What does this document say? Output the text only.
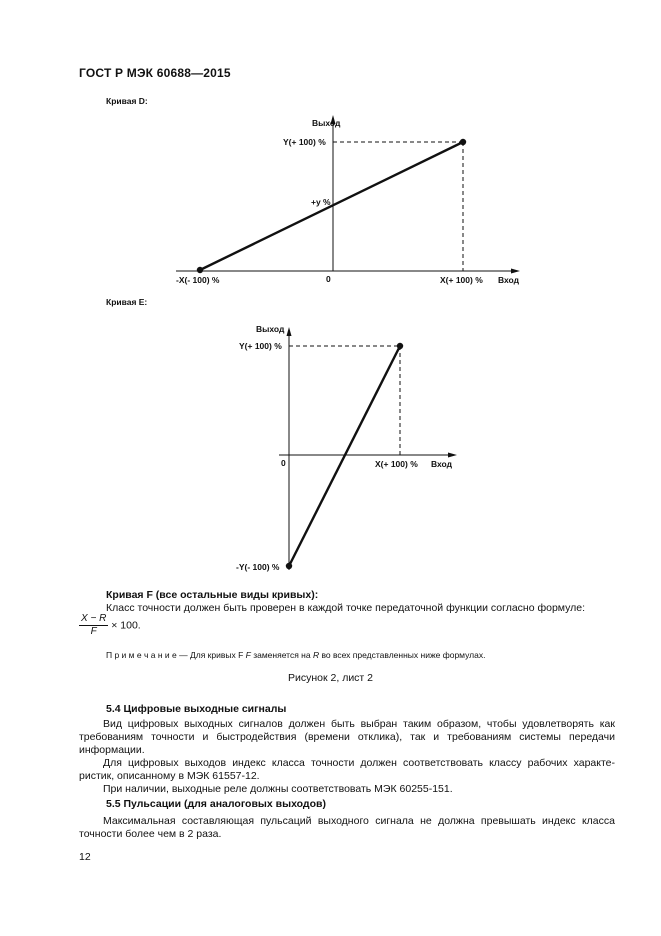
ГОСТ Р МЭК 60688—2015
Кривая D:
Выход
Y(+ 100) %
+y %
0
-X(- 100) %	X(+ 100) % Вход
Кривая E:
Выход
Y(+ 100) %
0	X(+ 100) % Вход
-Y(- 100) %
Кривая F (все остальные виды кривых):
Класс точности должен быть проверен в каждой точке передаточной функции согласно формуле:
$\frac{X - R}{F} \times 100$.
П р и м е ч а н и е — Для кривых F F заменяется на R во всех представленных ниже формулах.
Рисунок 2, лист 2
5.4 Цифровые выходные сигналы
Вид цифровых выходных сигналов должен быть выбран таким образом, чтобы удовлетворять как требованиям точности и быстродействия (времени отклика), так и требованиям системы передачи информации.
Для цифровых выходов индекс класса точности должен соответствовать классу рабочих характе-ристик, описанному в МЭК 61557-12.
При наличии, выходные реле должны соответствовать МЭК 60255-151.
5.5 Пульсации (для аналоговых выходов)
Максимальная составляющая пульсаций выходного сигнала не должна превышать индекс класса точности более чем в 2 раза.
12
